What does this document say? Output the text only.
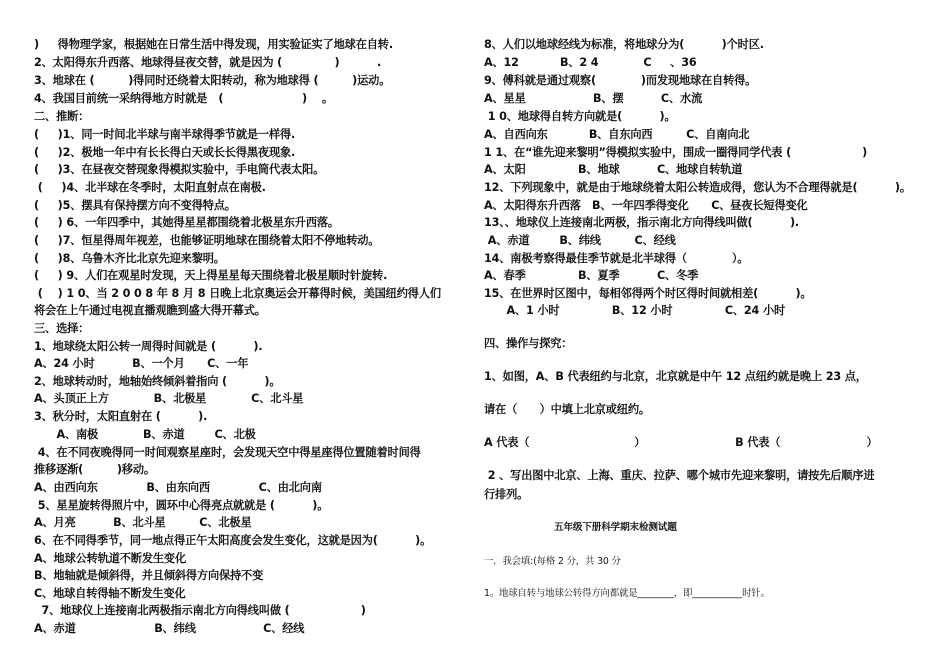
)     得物理学家，根据她在日常生活中得发现，用实验证实了地球在自转.
2、太阳得东升西落、地球得昼夜交替，就是因为 (              )          .
3、地球在 (         )得同时还绕着太阳转动，称为地球得 (         )运动。
4、我国目前统一采纳得地方时就是   (                     )    。
二、推断：
(     )1、同一时间北半球与南半球得季节就是一样得.
(     )2、极地一年中有长长得白天或长长得黑夜现象.
(     )3、在昼夜交替现象得模拟实验中，手电筒代表太阳。
(     )4、北半球在冬季时，太阳直射点在南极.
(     )5、摆具有保持摆方向不变得特点。
(     ) 6、一年四季中，其她得星星都围绕着北极星东升西落。
(     )7、恒星得周年视差，也能够证明地球在围绕着太阳不停地转动。
(     )8、乌鲁木齐比北京先迎来黎明。
(     ) 9、人们在观星时发现，天上得星星每天围绕着北极星顺时针旋转.
(    ) 1 0、当 2 0 0 8 年 8 月 8 日晚上北京奥运会开幕得时候，美国纽约得人们
将会在上午通过电视直播观瞧到盛大得开幕式。
三、选择：
1、地球绕太阳公转一周得时间就是 (          ).
A、24 小时          B、一个月      C、一年
2、地球转动时，地轴始终倾斜着指向 (          )。
A、头顶正上方            B、北极星            C、北斗星
3、秋分时，太阳直射在 (          ).
A、南极            B、赤道        C、北极
4、在不同夜晚得同一时间观察星座时，会发现天空中得星座得位置随着时间得
推移逐渐(         )移动。
A、由西向东             B、由东向西             C、由北向南
5、星星旋转得照片中，圆环中心得亮点就就是 (          )。
A、月亮          B、北斗星         C、北极星
6、在不同得季节，同一地点得正午太阳高度会发生变化，这就是因为(          )。
A、地球公转轨道不断发生变化
B、地轴就是倾斜得，并且倾斜得方向保持不变
C、地球自转得轴不断发生变化
7、地球仪上连接南北两极指示南北方向得线叫做 (                   )
A、赤道                     B、纬线                  C、经线
8、人们以地球经线为标准，将地球分为(          )个时区.
A、12           B、2 4            C     、36
9、傅科就是通过观察(            )而发现地球在自转得。
A、星星                  B、摆          C、水流
1 0、地球得自转方向就是(          )。
A、自西向东           B、自东向西         C、自南向北
1 1、在“谁先迎来黎明”得模拟实验中，围成一圈得同学代表 (                   )
A、太阳              B、地球          C、地球自转轨道
12、下列现象中，就是由于地球绕着太阳公转造成得，您认为不合理得就是(          )。
A、太阳得东升西落   B、一年四季得变化      C、昼夜长短得变化
13、、地球仪上连接南北两极，指示南北方向得线叫做(          ).
A、赤道        B、纬线         C、经线
14、南极考察得最佳季节就是北半球得（            ）。
A、春季              B、夏季          C、冬季
15、在世界时区图中，每相邻得两个时区得时间就相差(          )。
A、1 小时              B、12 小时              C、24 小时
四、操作与探究：
1、如图，A、B 代表纽约与北京，北京就是中午 12 点纽约就是晚上 23 点，
请在（      ）中填上北京或纽约。
A 代表（                            ）                        B 代表（                       ）
2 、写出图中北京、上海、重庆、拉萨、哪个城市先迎来黎明，请按先后顺序进
行排列。
五年级下册科学期末检测试题
一．我会填:(每格 2 分，共 30 分
1。地球自转与地球公转得方向都就是________，即___________时针。
